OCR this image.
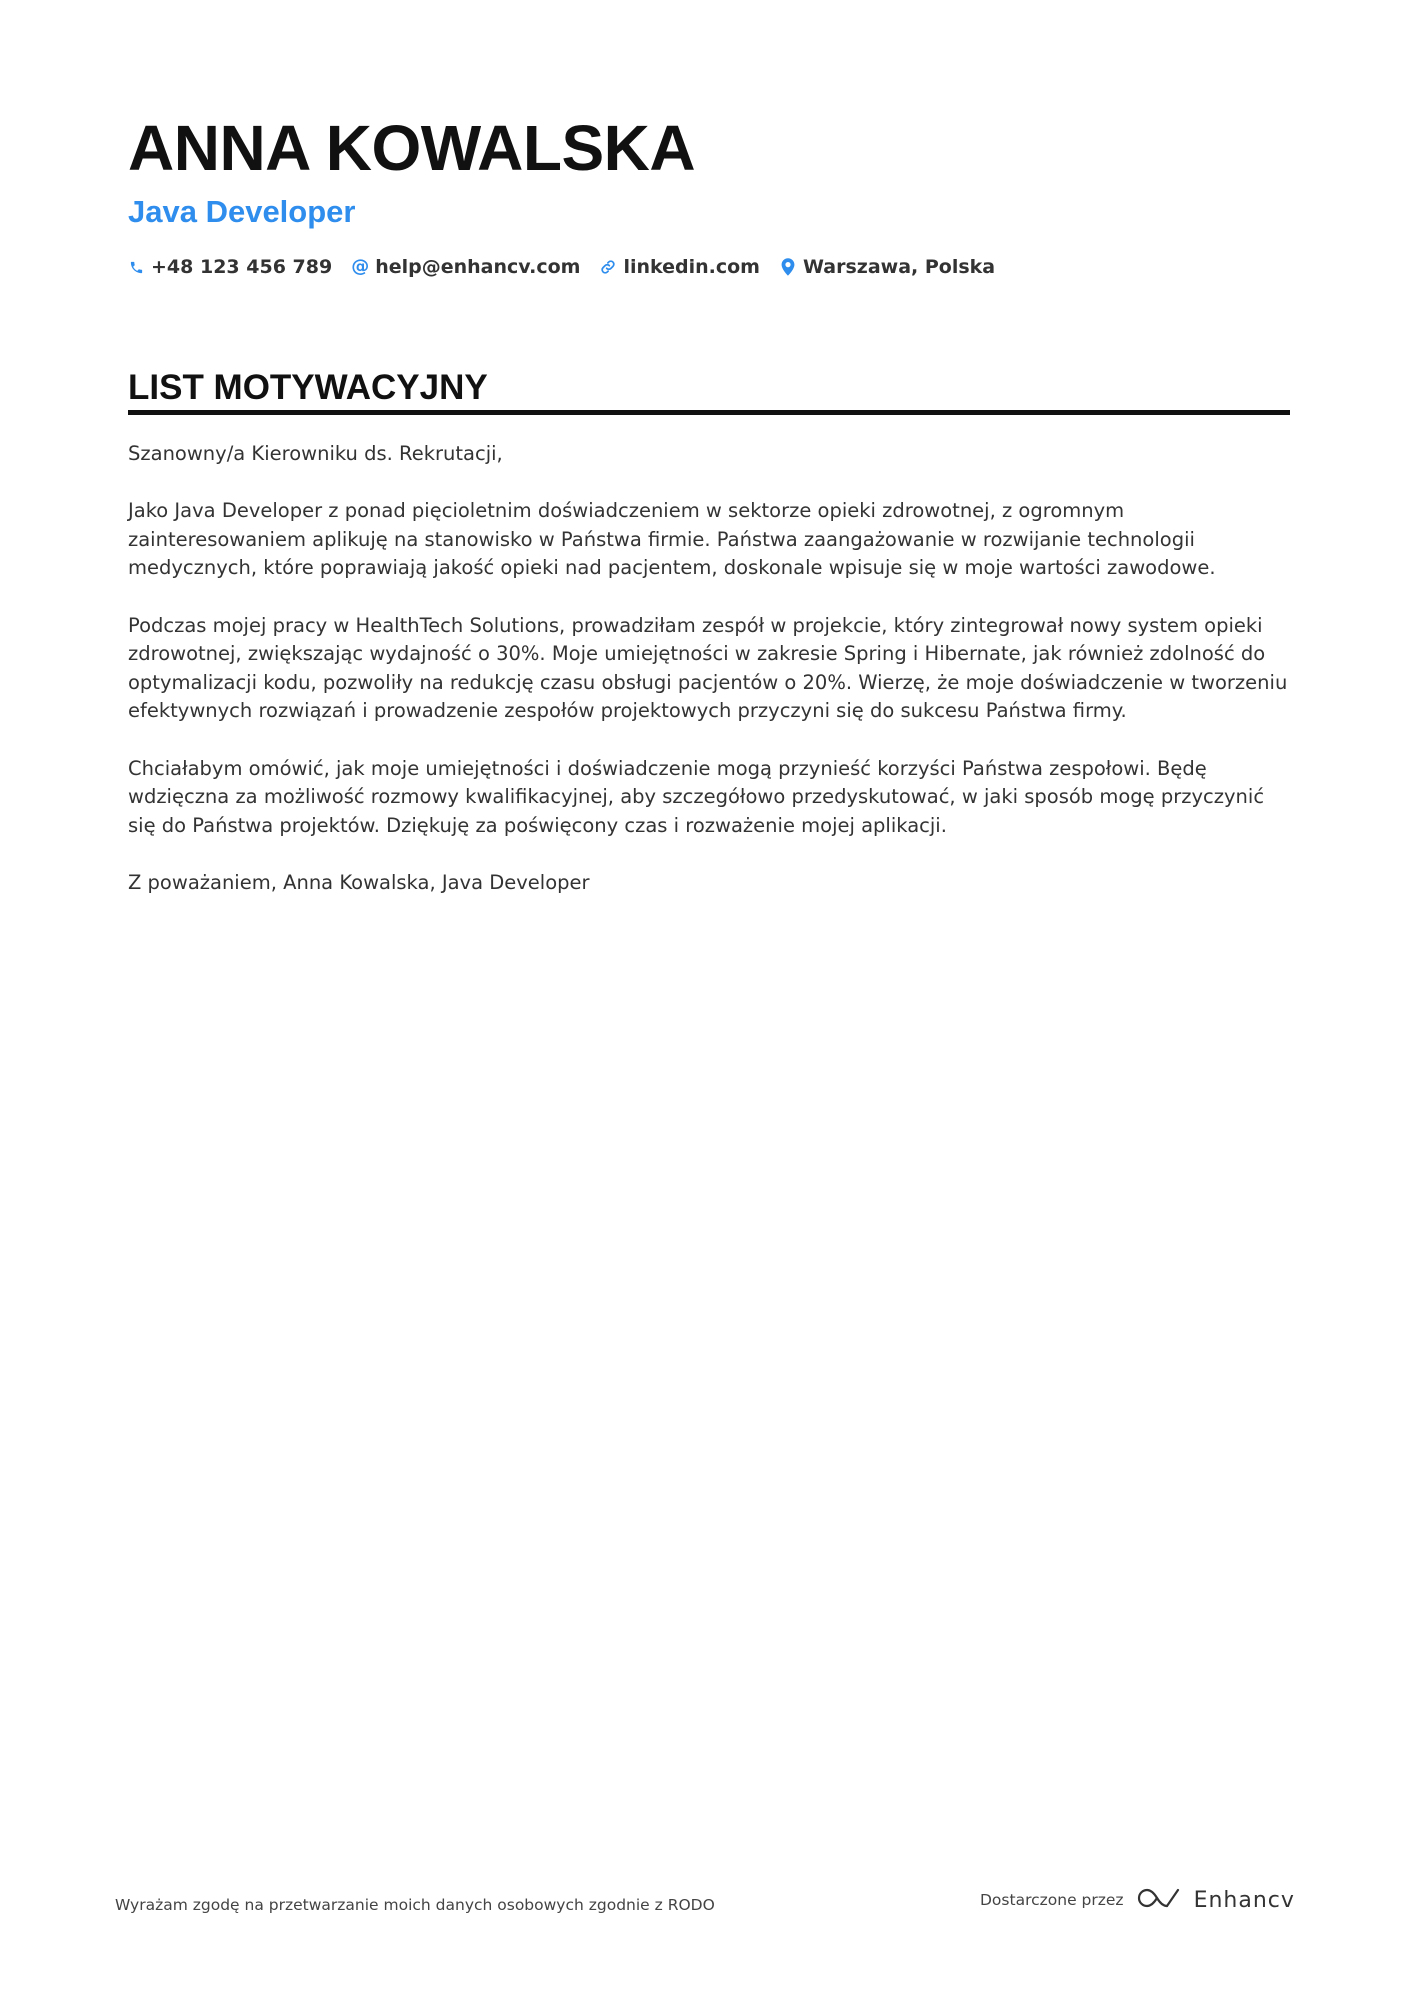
ANNA KOWALSKA
Java Developer
+48 123 456 789 @ help@enhancv.com linkedin.com Warszawa, Polska
LIST MOTYWACYJNY

Szanowny/a Kierowniku ds. Rekrutacji,

Jako Java Developer z ponad pięcioletnim doświadczeniem w sektorze opieki zdrowotnej, z ogromnym zainteresowaniem aplikuję na stanowisko w Państwa firmie. Państwa zaangażowanie w rozwijanie technologii medycznych, które poprawiają jakość opieki nad pacjentem, doskonale wpisuje się w moje wartości zawodowe.

Podczas mojej pracy w HealthTech Solutions, prowadziłam zespół w projekcie, który zintegrował nowy system opieki zdrowotnej, zwiększając wydajność o 30%. Moje umiejętności w zakresie Spring i Hibernate, jak również zdolność do optymalizacji kodu, pozwoliły na redukcję czasu obsługi pacjentów o 20%. Wierzę, że moje doświadczenie w tworzeniu efektywnych rozwiązań i prowadzenie zespołów projektowych przyczyni się do sukcesu Państwa firmy.

Chciałabym omówić, jak moje umiejętności i doświadczenie mogą przynieść korzyści Państwa zespołowi. Będę wdzięczna za możliwość rozmowy kwalifikacyjnej, aby szczegółowo przedyskutować, w jaki sposób mogę przyczynić się do Państwa projektów. Dziękuję za poświęcony czas i rozważenie mojej aplikacji.

Z poważaniem, Anna Kowalska, Java Developer

Wyrażam zgodę na przetwarzanie moich danych osobowych zgodnie z RODO	Dostarczone przez	Enhancv
